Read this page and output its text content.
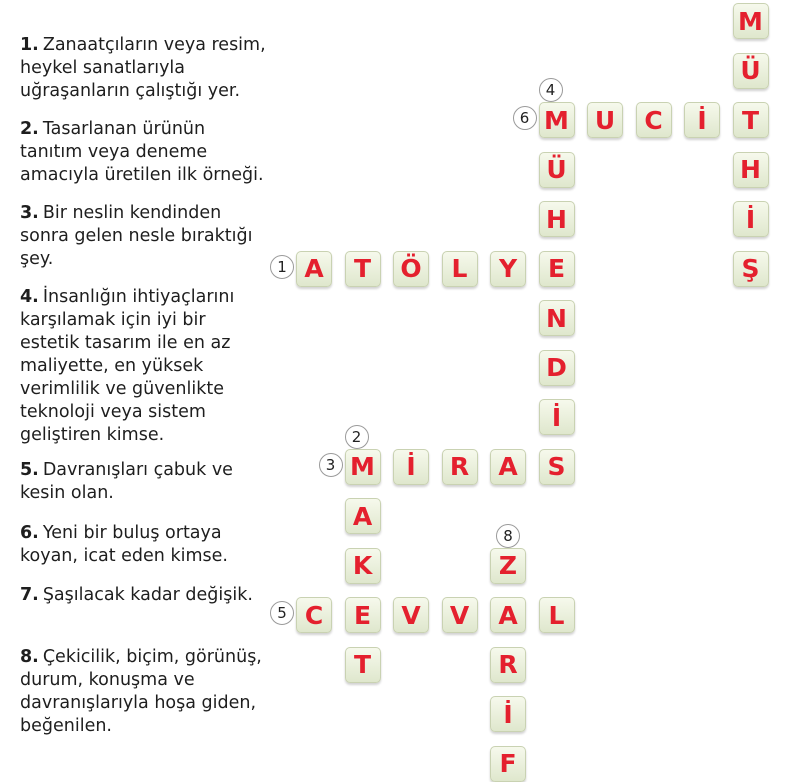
1. Zanaatçıların veya resim, heykel sanatlarıyla uğraşanların çalıştığı yer.
2. Tasarlanan ürünün tanıtım veya deneme amacıyla üretilen ilk örneği.
3. Bir neslin kendinden sonra gelen nesle bıraktığı şey.
4. İnsanlığın ihtiyaçlarını karşılamak için iyi bir estetik tasarım ile en az maliyette, en yüksek verimlilik ve güvenlikte teknoloji veya sistem geliştiren kimse.
5. Davranışları çabuk ve kesin olan.
6. Yeni bir buluş ortaya koyan, icat eden kimse.
7. Şaşılacak kadar değişik.
8. Çekicilik, biçim, görünüş, durum, konuşma ve davranışlarıyla hoşa giden, beğenilen.
A	T	Ö	L	Y	E
M
A
K
E
T
İ	R	A	S
M
Ü
H
N
D
İ
C	V	V	A	L
U	C	İ	T
M
Ü
H
İ
Ş
Z
R
İ
F
1
2
3
4
5
6
8
